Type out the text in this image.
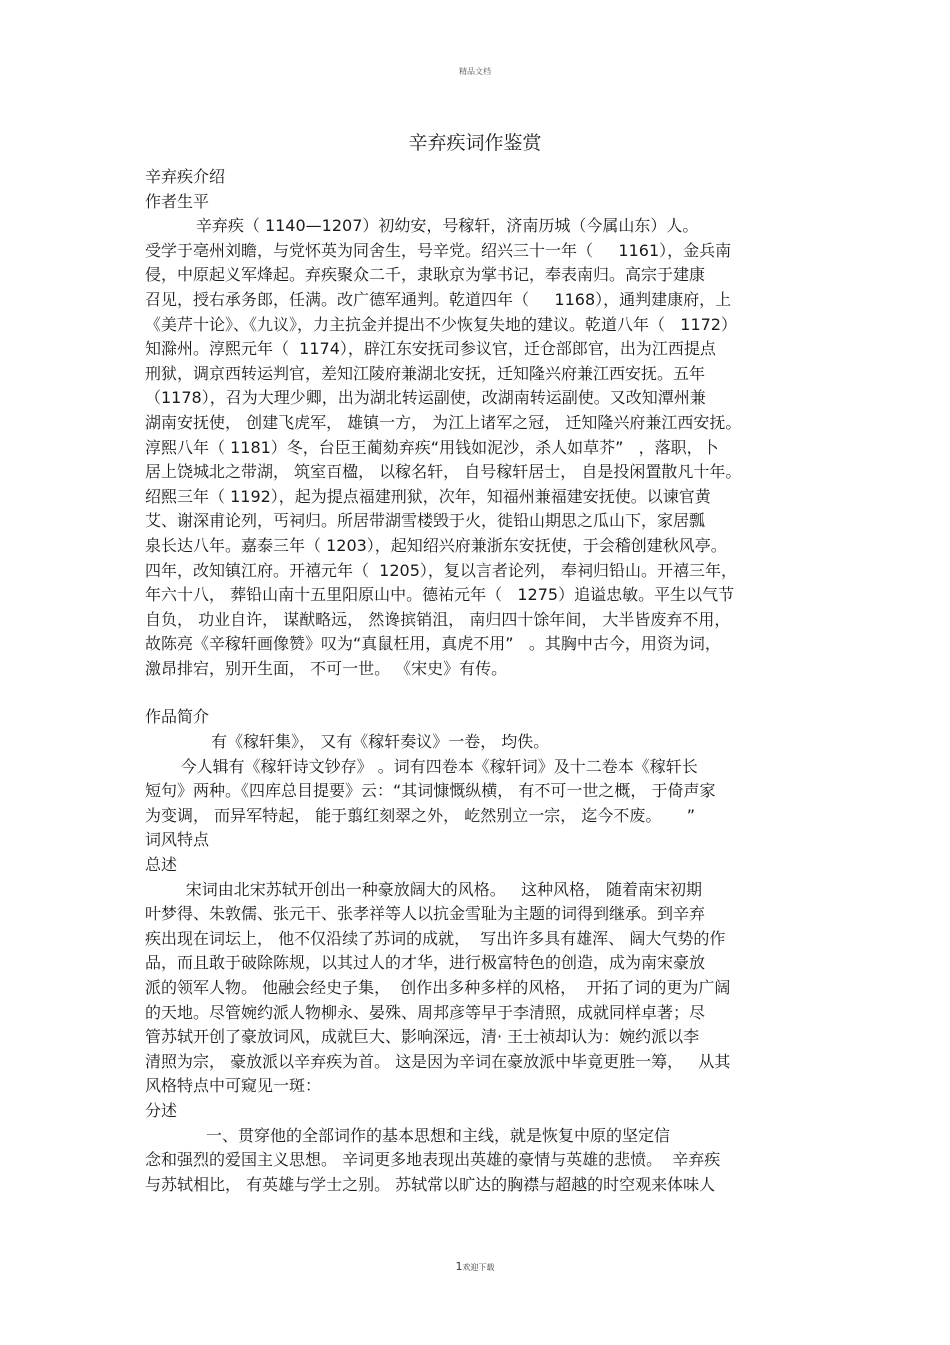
精品文档
辛弃疾词作鉴赏
辛弃疾介绍
作者生平
辛弃疾（ 1140—1207）初幼安，号稼轩，济南历城（今属山东）人。
受学于亳州刘瞻，与党怀英为同舍生，号辛党。绍兴三十一年（     1161），金兵南
侵，中原起义军烽起。弃疾聚众二千，隶耿京为掌书记，奉表南归。高宗于建康
召见，授右承务郎，任满。改广德军通判。乾道四年（     1168），通判建康府，上
《美芹十论》、《九议》，力主抗金并提出不少恢复失地的建议。乾道八年（   1172）
知滁州。淳熙元年（  1174），辟江东安抚司参议官，迁仓部郎官，出为江西提点
刑狱，调京西转运判官，差知江陵府兼湖北安抚，迁知隆兴府兼江西安抚。五年
（1178），召为大理少卿，出为湖北转运副使，改湖南转运副使。又改知潭州兼
湖南安抚使， 创建飞虎军， 雄镇一方， 为江上诸军之冠， 迁知隆兴府兼江西安抚。
淳熙八年（ 1181）冬，台臣王蔺劾弃疾“用钱如泥沙，杀人如草芥”   ，落职，卜
居上饶城北之带湖， 筑室百楹， 以稼名轩， 自号稼轩居士， 自是投闲置散凡十年。
绍熙三年（ 1192），起为提点福建刑狱，次年，知福州兼福建安抚使。以谏官黄
艾、谢深甫论列，丐祠归。所居带湖雪楼毁于火，徙铅山期思之瓜山下，家居瓢
泉长达八年。嘉泰三年（ 1203），起知绍兴府兼浙东安抚使，于会稽创建秋风亭。
四年，改知镇江府。开禧元年（  1205），复以言者论列， 奉祠归铅山。开禧三年，
年六十八， 葬铅山南十五里阳原山中。德祐元年（   1275）追谥忠敏。平生以气节
自负， 功业自许， 谋猷略远， 然谗摈销沮， 南归四十馀年间， 大半皆废弃不用，
故陈亮《辛稼轩画像赞》叹为“真鼠枉用，真虎不用”   。其胸中古今，用资为词，
激昂排宕，别开生面， 不可一世。 《宋史》有传。
作品简介
有《稼轩集》， 又有《稼轩奏议》一卷， 均佚。
今人辑有《稼轩诗文钞存》 。词有四卷本《稼轩词》及十二卷本《稼轩长
短句》两种。《四库总目提要》云：“其词慷慨纵横， 有不可一世之概， 于倚声家
为变调， 而异军特起， 能于翦红刻翠之外， 屹然别立一宗， 迄今不废。     ”
词风特点
总述
宋词由北宋苏轼开创出一种豪放阔大的风格。   这种风格， 随着南宋初期
叶梦得、朱敦儒、张元干、张孝祥等人以抗金雪耻为主题的词得到继承。到辛弃
疾出现在词坛上， 他不仅沿续了苏词的成就，  写出许多具有雄浑、 阔大气势的作
品，而且敢于破除陈规，以其过人的才华，进行极富特色的创造，成为南宋豪放
派的领军人物。 他融会经史子集，  创作出多种多样的风格，  开拓了词的更为广阔
的天地。尽管婉约派人物柳永、晏殊、周邦彦等早于李清照，成就同样卓著；尽
管苏轼开创了豪放词风，成就巨大、影响深远，清· 王士祯却认为：婉约派以李
清照为宗， 豪放派以辛弃疾为首。 这是因为辛词在豪放派中毕竟更胜一筹，   从其
风格特点中可窥见一斑：
分述
一、贯穿他的全部词作的基本思想和主线，就是恢复中原的坚定信
念和强烈的爱国主义思想。 辛词更多地表现出英雄的豪情与英雄的悲愤。  辛弃疾
与苏轼相比， 有英雄与学士之别。 苏轼常以旷达的胸襟与超越的时空观来体味人
1欢迎下载
